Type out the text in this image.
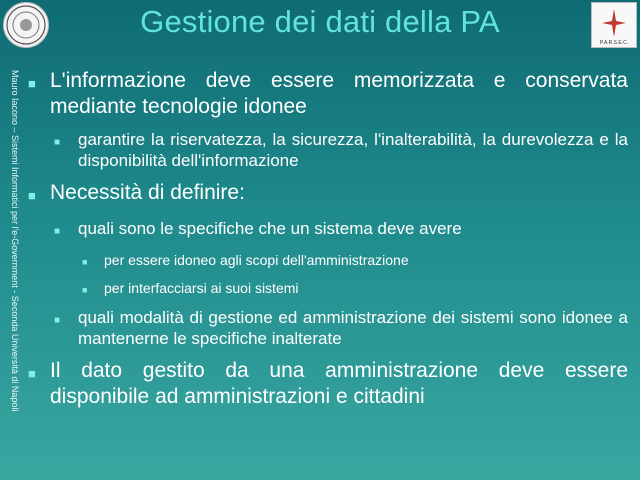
P.A.R.S.E.C.
Gestione dei dati della PA
Mauro Iacono – Sistemi Informatici per l'e-Government - Seconda Università di Napoli ■ L'informazione deve essere memorizzata e conservata mediante tecnologie idonee
■	garantire la riservatezza, la sicurezza, l'inalterabilità, la durevolezza e la disponibilità dell'informazione
■ Necessità di definire:
■	quali sono le specifiche che un sistema deve avere
■	per essere idoneo agli scopi dell'amministrazione
■	per interfacciarsi ai suoi sistemi
■	quali modalità di gestione ed amministrazione dei sistemi sono idonee a mantenerne le specifiche inalterate
■ Il dato gestito da una amministrazione deve essere disponibile ad amministrazioni e cittadini
